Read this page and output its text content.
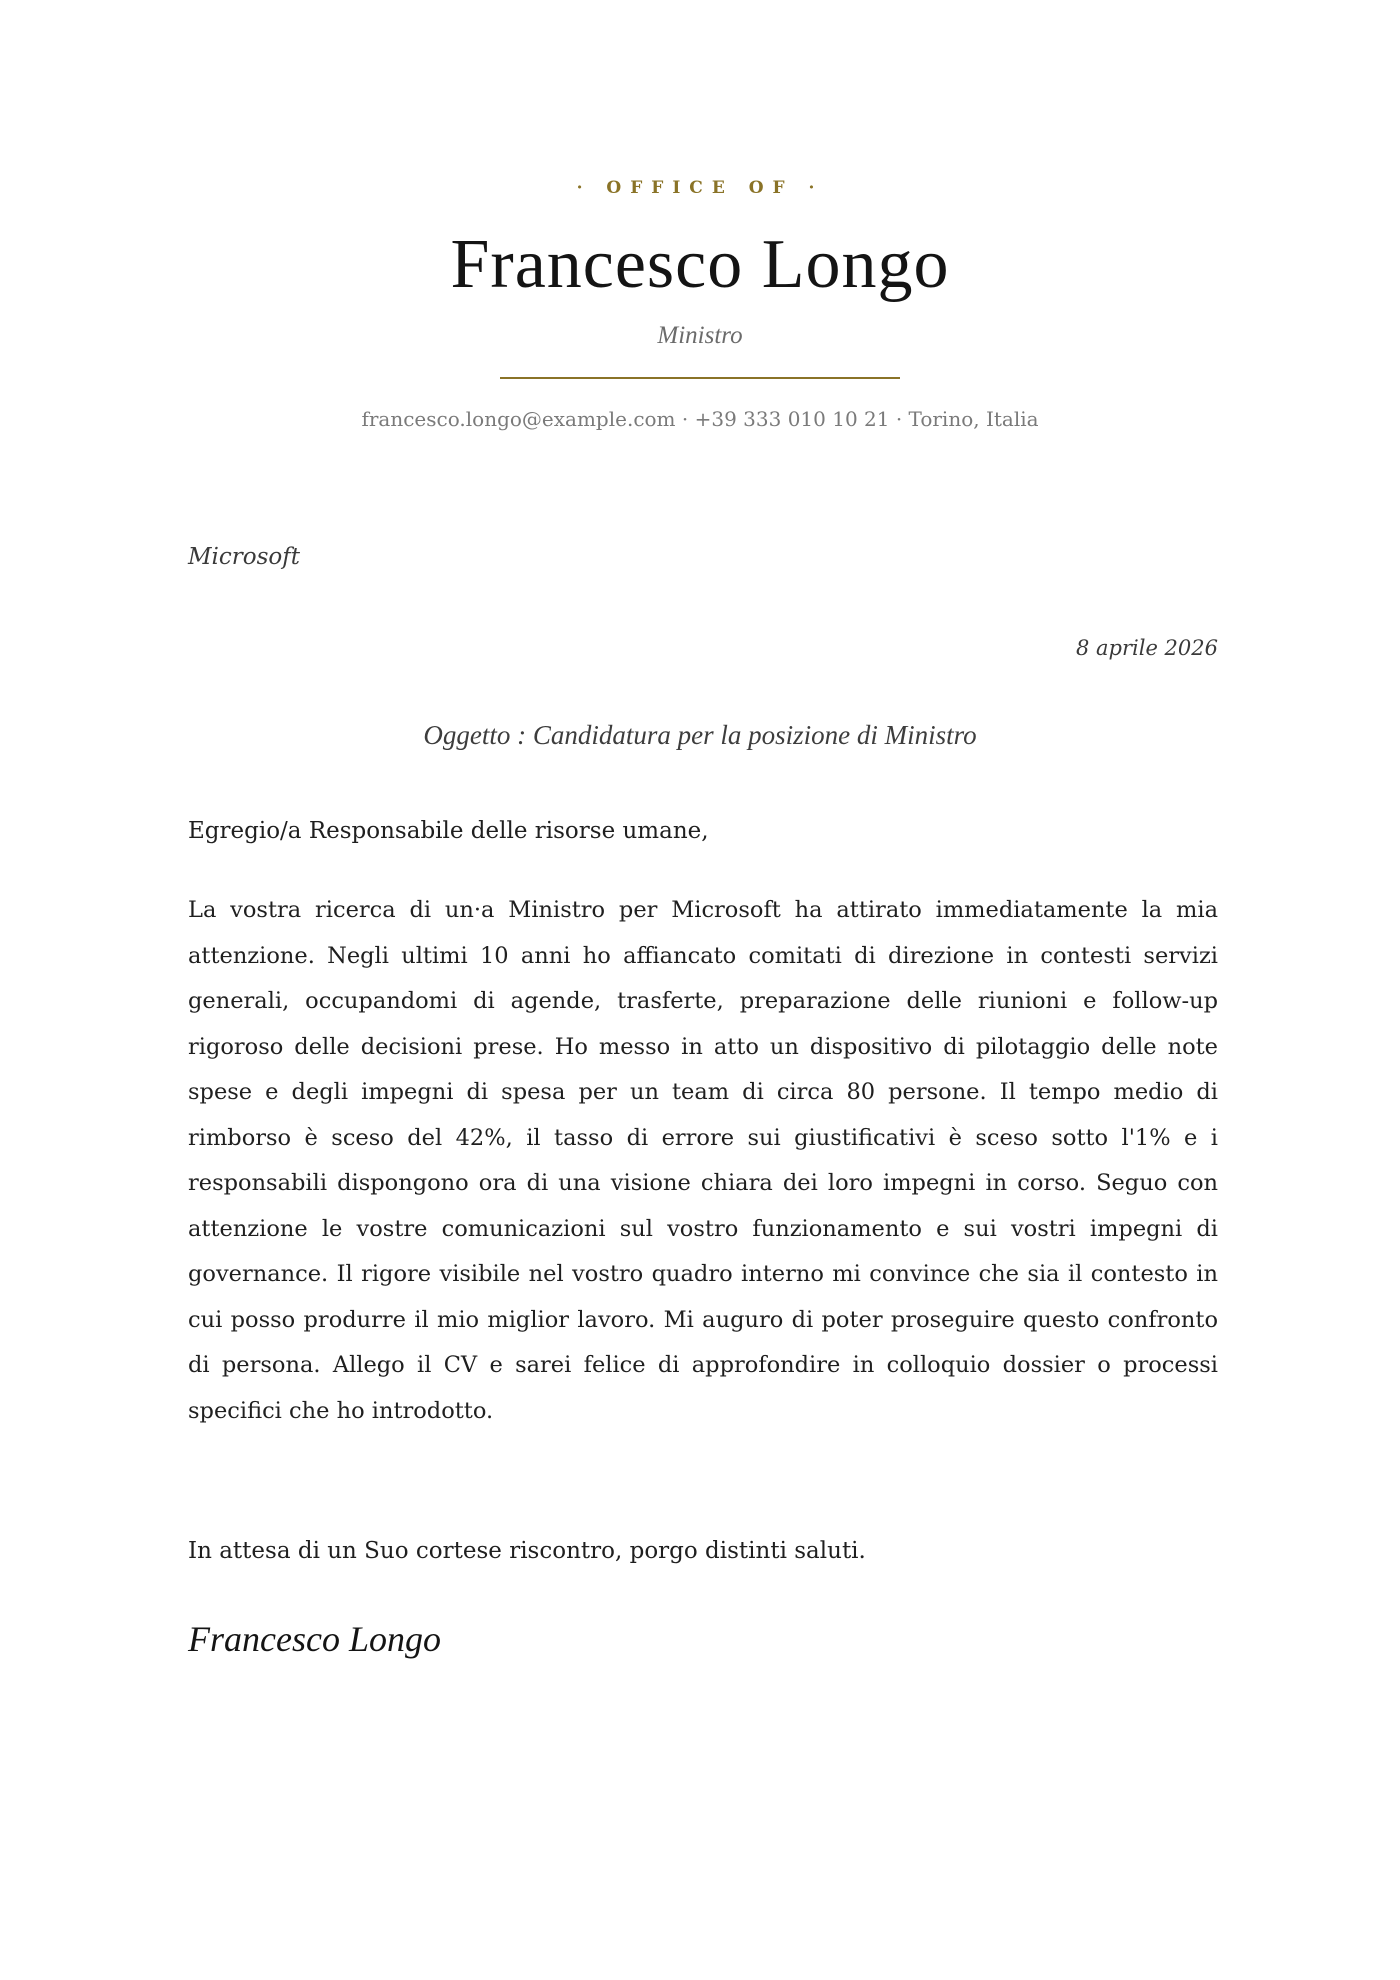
· OFFICE OF ·
Francesco Longo
Ministro
francesco.longo@example.com · +39 333 010 10 21 · Torino, Italia
Microsoft
8 aprile 2026
Oggetto : Candidatura per la posizione di Ministro
Egregio/a Responsabile delle risorse umane,

La vostra ricerca di un·a Ministro per Microsoft ha attirato immediatamente la mia attenzione. Negli ultimi 10 anni ho affiancato comitati di direzione in contesti servizi generali, occupandomi di agende, trasferte, preparazione delle riunioni e follow-up rigoroso delle decisioni prese. Ho messo in atto un dispositivo di pilotaggio delle note spese e degli impegni di spesa per un team di circa 80 persone. Il tempo medio di rimborso è sceso del 42%, il tasso di errore sui giustificativi è sceso sotto l'1% e i responsabili dispongono ora di una visione chiara dei loro impegni in corso. Seguo con attenzione le vostre comunicazioni sul vostro funzionamento e sui vostri impegni di governance. Il rigore visibile nel vostro quadro interno mi convince che sia il contesto in cui posso produrre il mio miglior lavoro. Mi auguro di poter proseguire questo confronto di persona. Allego il CV e sarei felice di approfondire in colloquio dossier o processi specifici che ho introdotto.

In attesa di un Suo cortese riscontro, porgo distinti saluti.
Francesco Longo
